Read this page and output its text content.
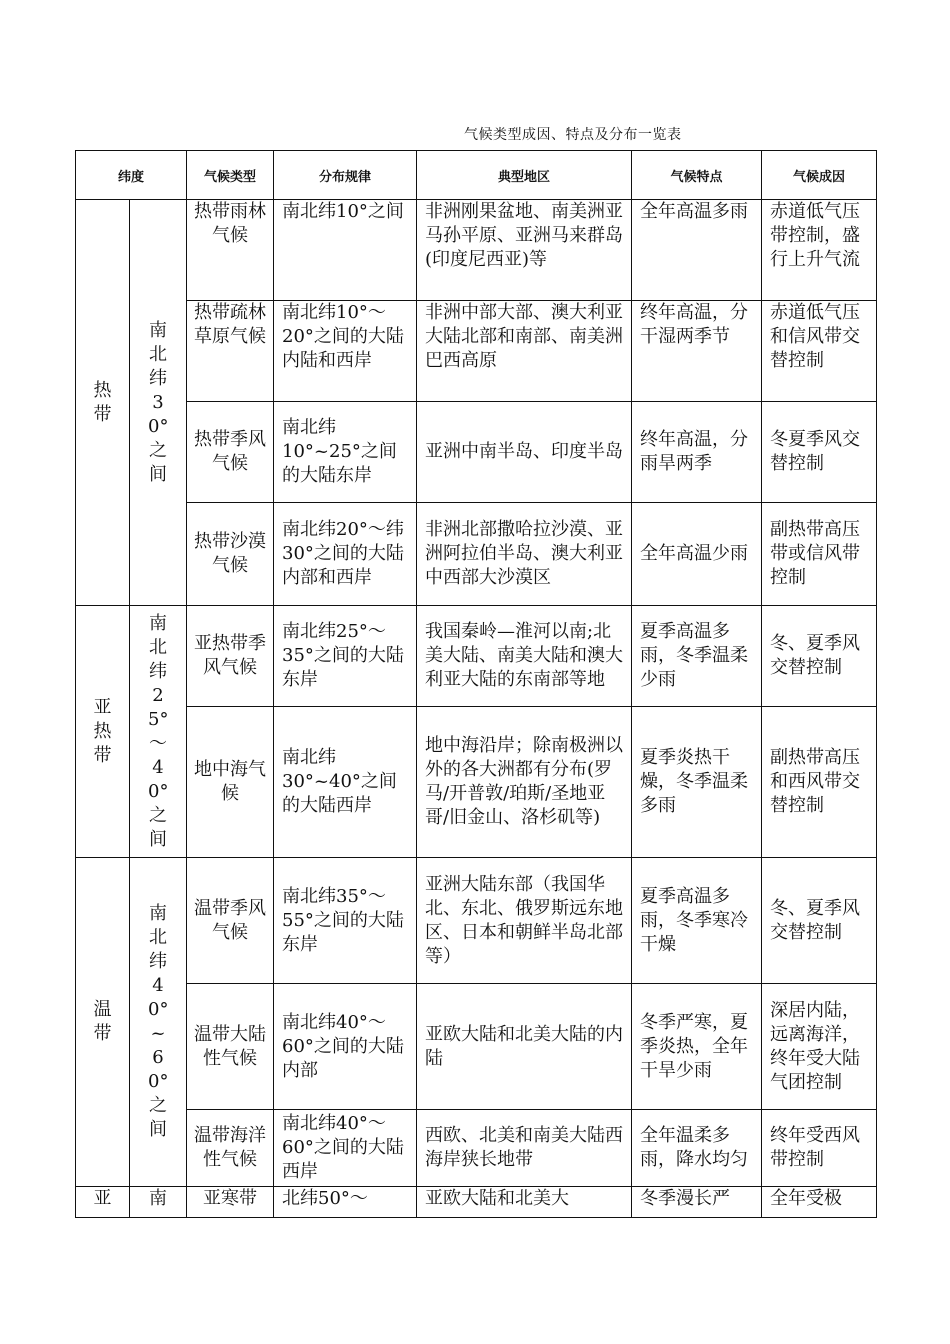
气候类型成因、特点及分布一览表
纬度		气候类型	分布规律	典型地区	气候特点	气候成因
热带	南北纬30°之间	热带雨林气候	南北纬10°之间	非洲刚果盆地、南美洲亚马孙平原、亚洲马来群岛(印度尼西亚)等	全年高温多雨	赤道低气压带控制，盛行上升气流
		热带疏林草原气候	南北纬10°～20°之间的大陆内陆和西岸	非洲中部大部、澳大利亚大陆北部和南部、南美洲巴西高原	终年高温，分干湿两季节	赤道低气压和信风带交替控制
		热带季风气候	南北纬10°~25°之间的大陆东岸	亚洲中南半岛、印度半岛	终年高温，分雨旱两季	冬夏季风交替控制
		热带沙漠气候	南北纬20°～纬30°之间的大陆内部和西岸	非洲北部撒哈拉沙漠、亚洲阿拉伯半岛、澳大利亚中西部大沙漠区	全年高温少雨	副热带高压带或信风带控制
亚热带	南北纬25°～40°之间	亚热带季风气候	南北纬25°～35°之间的大陆东岸	我国秦岭—淮河以南;北美大陆、南美大陆和澳大利亚大陆的东南部等地	夏季高温多雨，冬季温柔少雨	冬、夏季风交替控制
		地中海气候	南北纬30°~40°之间的大陆西岸	地中海沿岸；除南极洲以外的各大洲都有分布(罗马/开普敦/珀斯/圣地亚哥/旧金山、洛杉矶等)	夏季炎热干燥，冬季温柔多雨	副热带高压和西风带交替控制
温带	南北纬40°~60°之间	温带季风气候	南北纬35°～55°之间的大陆东岸	亚洲大陆东部（我国华北、东北、俄罗斯远东地区、日本和朝鲜半岛北部等）	夏季高温多雨，冬季寒冷干燥	冬、夏季风交替控制
		温带大陆性气候	南北纬40°～60°之间的大陆内部	亚欧大陆和北美大陆的内陆	冬季严寒，夏季炎热，全年干旱少雨	深居内陆，远离海洋，终年受大陆气团控制
		温带海洋性气候	南北纬40°～60°之间的大陆西岸	西欧、北美和南美大陆西海岸狭长地带	全年温柔多雨，降水均匀	终年受西风带控制
亚	南	亚寒带	北纬50°～	亚欧大陆和北美大	冬季漫长严	全年受极
